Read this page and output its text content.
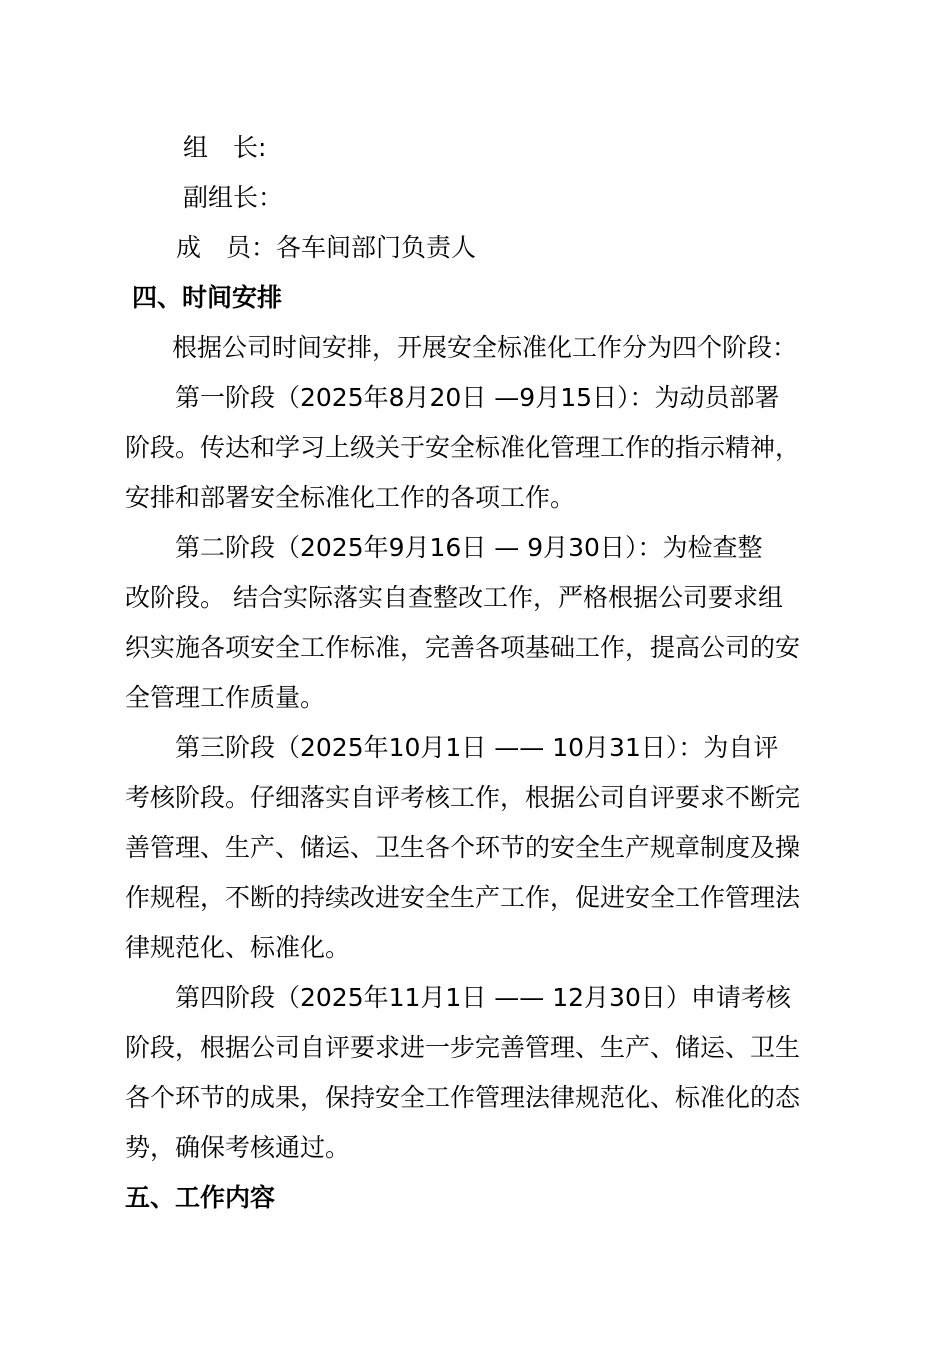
组　长:
副组长：
成　员：各车间部门负责人
四、时间安排
根据公司时间安排，开展安全标准化工作分为四个阶段：
第一阶段（2025年8月20日 —9月15日）：为动员部署
阶段。传达和学习上级关于安全标准化管理工作的指示精神，
安排和部署安全标准化工作的各项工作。
第二阶段（2025年9月16日 — 9月30日）：为检查整
改阶段。 结合实际落实自查整改工作，严格根据公司要求组
织实施各项安全工作标准，完善各项基础工作，提高公司的安
全管理工作质量。
第三阶段（2025年10月1日 —— 10月31日）：为自评
考核阶段。仔细落实自评考核工作，根据公司自评要求不断完
善管理、生产、储运、卫生各个环节的安全生产规章制度及操
作规程，不断的持续改进安全生产工作，促进安全工作管理法
律规范化、标准化。
第四阶段（2025年11月1日 —— 12月30日）申请考核
阶段，根据公司自评要求进一步完善管理、生产、储运、卫生
各个环节的成果，保持安全工作管理法律规范化、标准化的态
势，确保考核通过。
五、工作内容
